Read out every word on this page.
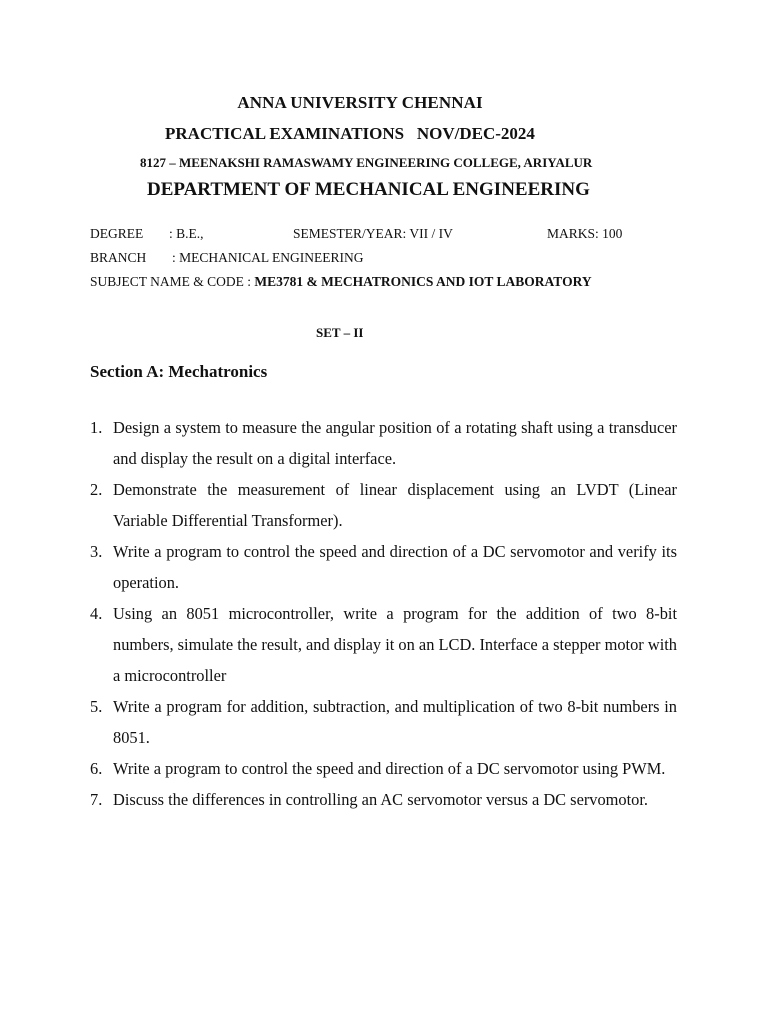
ANNA UNIVERSITY CHENNAI
PRACTICAL EXAMINATIONS   NOV/DEC-2024
8127 – MEENAKSHI RAMASWAMY ENGINEERING COLLEGE, ARIYALUR
DEPARTMENT OF MECHANICAL ENGINEERING
DEGREE : B.E.,	SEMESTER/YEAR: VII / IV	MARKS: 100
BRANCH : MECHANICAL ENGINEERING
SUBJECT NAME & CODE : ME3781 & MECHATRONICS AND IOT LABORATORY
SET – II
Section A: Mechatronics
1. Design a system to measure the angular position of a rotating shaft using a transducer and display the result on a digital interface.
2. Demonstrate the measurement of linear displacement using an LVDT (Linear Variable Differential Transformer).
3. Write a program to control the speed and direction of a DC servomotor and verify its operation.
4. Using an 8051 microcontroller, write a program for the addition of two 8-bit numbers, simulate the result, and display it on an LCD. Interface a stepper motor with a microcontroller
5. Write a program for addition, subtraction, and multiplication of two 8-bit numbers in 8051.
6. Write a program to control the speed and direction of a DC servomotor using PWM.
7. Discuss the differences in controlling an AC servomotor versus a DC servomotor.
